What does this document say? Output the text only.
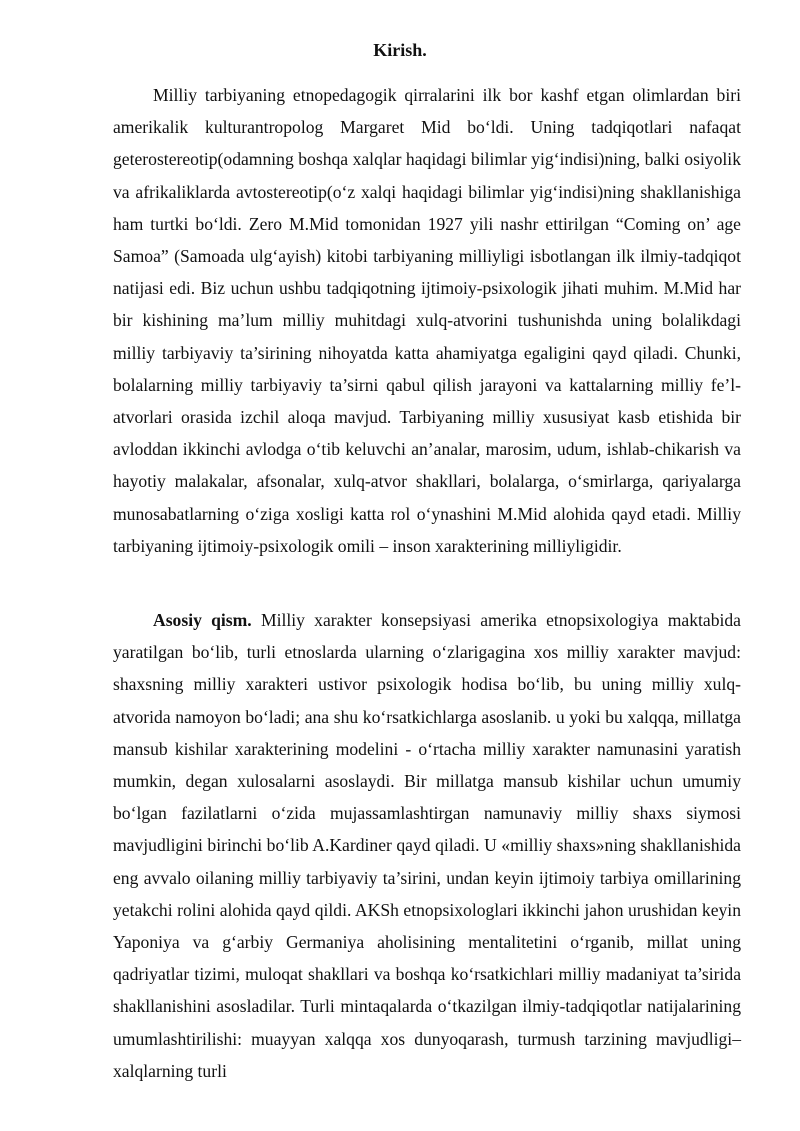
Kirish.

Milliy tarbiyaning etnopedagogik qirralarini ilk bor kashf etgan olimlardan biri amerikalik kulturantropolog Margaret Mid bo‘ldi. Uning tadqiqotlari nafaqat geterostereotip(odamning boshqa xalqlar haqidagi bilimlar yig‘indisi)ning, balki osiyolik va afrikaliklarda avtostereotip(o‘z xalqi haqidagi bilimlar yig‘indisi)ning shakllanishiga ham turtki bo‘ldi. Zero M.Mid tomonidan 1927 yili nashr ettirilgan “Coming on’ age Samoa” (Samoada ulg‘ayish) kitobi tarbiyaning milliyligi isbotlangan ilk ilmiy-tadqiqot natijasi edi. Biz uchun ushbu tadqiqotning ijtimoiy-psixologik jihati muhim. M.Mid har bir kishining ma’lum milliy muhitdagi xulq-atvorini tushunishda uning bolalikdagi milliy tarbiyaviy ta’sirining nihoyatda katta ahamiyatga egaligini qayd qiladi. Chunki, bolalarning milliy tarbiyaviy ta’sirni qabul qilish jarayoni va kattalarning milliy fe’l-atvorlari orasida izchil aloqa mavjud. Tarbiyaning milliy xususiyat kasb etishida bir avloddan ikkinchi avlodga o‘tib keluvchi an’analar, marosim, udum, ishlab-chikarish va hayotiy malakalar, afsonalar, xulq-atvor shakllari, bolalarga, o‘smirlarga, qariyalarga munosabatlarning o‘ziga xosligi katta rol o‘ynashini M.Mid alohida qayd etadi. Milliy tarbiyaning ijtimoiy-psixologik omili – inson xarakterining milliyligidir.

Asosiy qism. Milliy xarakter konsepsiyasi amerika etnopsixologiya maktabida yaratilgan bo‘lib, turli etnoslarda ularning o‘zlarigagina xos milliy xarakter mavjud: shaxsning milliy xarakteri ustivor psixologik hodisa bo‘lib, bu uning milliy xulq-atvorida namoyon bo‘ladi; ana shu ko‘rsatkichlarga asoslanib. u yoki bu xalqqa, millatga mansub kishilar xarakterining modelini - o‘rtacha milliy xarakter namunasini yaratish mumkin, degan xulosalarni asoslaydi. Bir millatga mansub kishilar uchun umumiy bo‘lgan fazilatlarni o‘zida mujassamlashtirgan namunaviy milliy shaxs siymosi mavjudligini birinchi bo‘lib A.Kardiner qayd qiladi. U «milliy shaxs»ning shakllanishida eng avvalo oilaning milliy tarbiyaviy ta’sirini, undan keyin ijtimoiy tarbiya omillarining yetakchi rolini alohida qayd qildi. AKSh etnopsixologlari ikkinchi jahon urushidan keyin Yaponiya va g‘arbiy Germaniya aholisining mentalitetini o‘rganib, millat uning qadriyatlar tizimi, muloqat shakllari va boshqa ko‘rsatkichlari milliy madaniyat ta’sirida shakllanishini asosladilar. Turli mintaqalarda o‘tkazilgan ilmiy-tadqiqotlar natijalarining umumlashtirilishi: muayyan xalqqa xos dunyoqarash, turmush tarzining mavjudligi–xalqlarning turli
